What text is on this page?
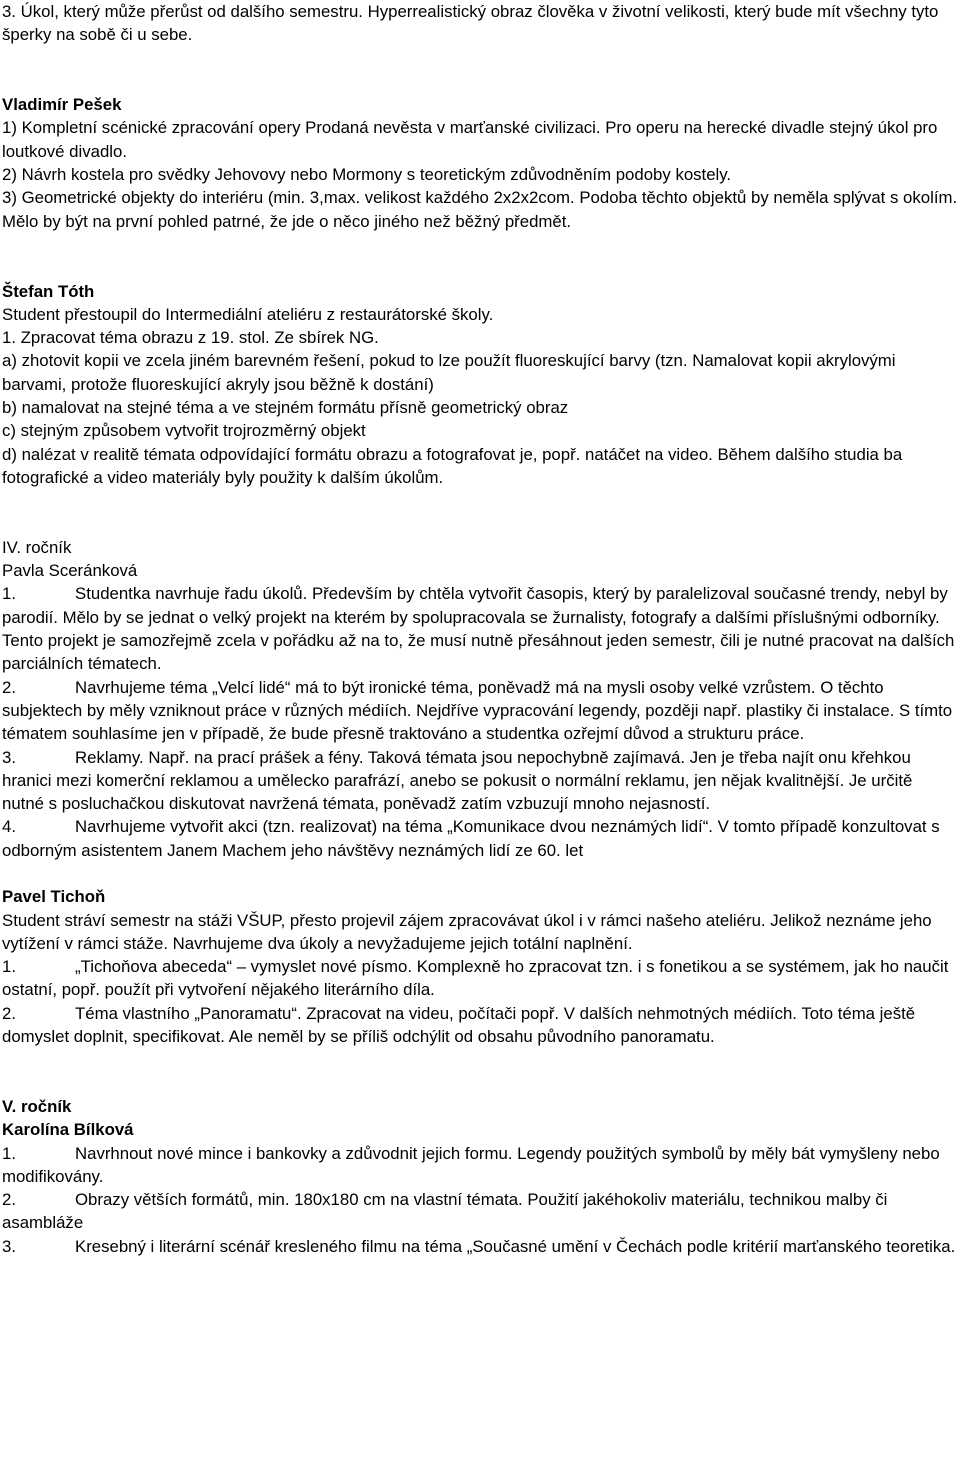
3. Úkol, který může přerůst od dalšího semestru. Hyperrealistický obraz člověka v životní velikosti, který bude mít všechny tyto šperky na sobě či u sebe.

Vladimír Pešek

1) Kompletní scénické zpracování opery Prodaná nevěsta v marťanské civilizaci. Pro operu na herecké divadle stejný úkol pro loutkové divadlo.

2) Návrh kostela pro svědky Jehovovy nebo Mormony s teoretickým zdůvodněním podoby kostely.

3) Geometrické objekty do interiéru (min. 3,max. velikost každého 2x2x2com. Podoba těchto objektů by neměla splývat s okolím. Mělo by být na první pohled patrné, že jde o něco jiného než běžný předmět.

Štefan Tóth

Student přestoupil do Intermediální ateliéru z restaurátorské školy.

1. Zpracovat téma obrazu z 19. stol. Ze sbírek NG.

a) zhotovit kopii ve zcela jiném barevném řešení, pokud to lze použít fluoreskující barvy (tzn. Namalovat kopii akrylovými barvami, protože fluoreskující akryly jsou běžně k dostání)

b) namalovat na stejné téma a ve stejném formátu přísně geometrický obraz

c) stejným způsobem vytvořit trojrozměrný objekt

d) nalézat v realitě témata odpovídající formátu obrazu a fotografovat je, popř. natáčet na video. Během dalšího studia ba fotografické a video materiály byly použity k dalším úkolům.

IV. ročník

Pavla Sceránková

1.	Studentka navrhuje řadu úkolů. Především by chtěla vytvořit časopis, který by paralelizoval současné trendy, nebyl by parodií. Mělo by se jednat o velký projekt na kterém by spolupracovala se žurnalisty, fotografy a dalšími příslušnými odborníky. Tento projekt je samozřejmě zcela v pořádku až na to, že musí nutně přesáhnout jeden semestr, čili je nutné pracovat na dalších parciálních tématech.

2.	Navrhujeme téma „Velcí lidé“ má to být ironické téma, poněvadž má na mysli osoby velké vzrůstem. O těchto subjektech by měly vzniknout práce v různých médiích. Nejdříve vypracování legendy, později např. plastiky či instalace. S tímto tématem souhlasíme jen v případě, že bude přesně traktováno a studentka ozřejmí důvod a strukturu práce.

3.	Reklamy. Např. na prací prášek a fény. Taková témata jsou nepochybně zajímavá. Jen je třeba najít onu křehkou hranici mezi komerční reklamou a umělecko parafrází, anebo se pokusit o normální reklamu, jen nějak kvalitnější. Je určitě nutné s posluchačkou diskutovat navržená témata, poněvadž zatím vzbuzují mnoho nejasností.

4.	Navrhujeme vytvořit akci (tzn. realizovat) na téma „Komunikace dvou neznámých lidí“. V tomto případě konzultovat s odborným asistentem Janem Machem jeho návštěvy neznámých lidí ze 60. let

Pavel Tichoň

Student stráví semestr na stáži VŠUP, přesto projevil zájem zpracovávat úkol i v rámci našeho ateliéru. Jelikož neznáme jeho vytížení v rámci stáže. Navrhujeme dva úkoly a nevyžadujeme jejich totální naplnění.

1.	„Tichoňova abeceda“ – vymyslet nové písmo. Komplexně ho zpracovat tzn. i s fonetikou a se systémem, jak ho naučit ostatní, popř. použít při vytvoření nějakého literárního díla.

2.	Téma vlastního „Panoramatu“. Zpracovat na videu, počítači popř. V dalších nehmotných médiích. Toto téma ještě domyslet doplnit, specifikovat. Ale neměl by se příliš odchýlit od obsahu původního panoramatu.

V. ročník

Karolína Bílková

1.	Navrhnout nové mince i bankovky a zdůvodnit jejich formu. Legendy použitých symbolů by měly bát vymyšleny nebo modifikovány.

2.	Obrazy větších formátů, min. 180x180 cm na vlastní témata. Použití jakéhokoliv materiálu, technikou malby či asambláže

3.	Kresebný i literární scénář kresleného filmu na téma „Současné umění v Čechách podle kritérií marťanského teoretika.
